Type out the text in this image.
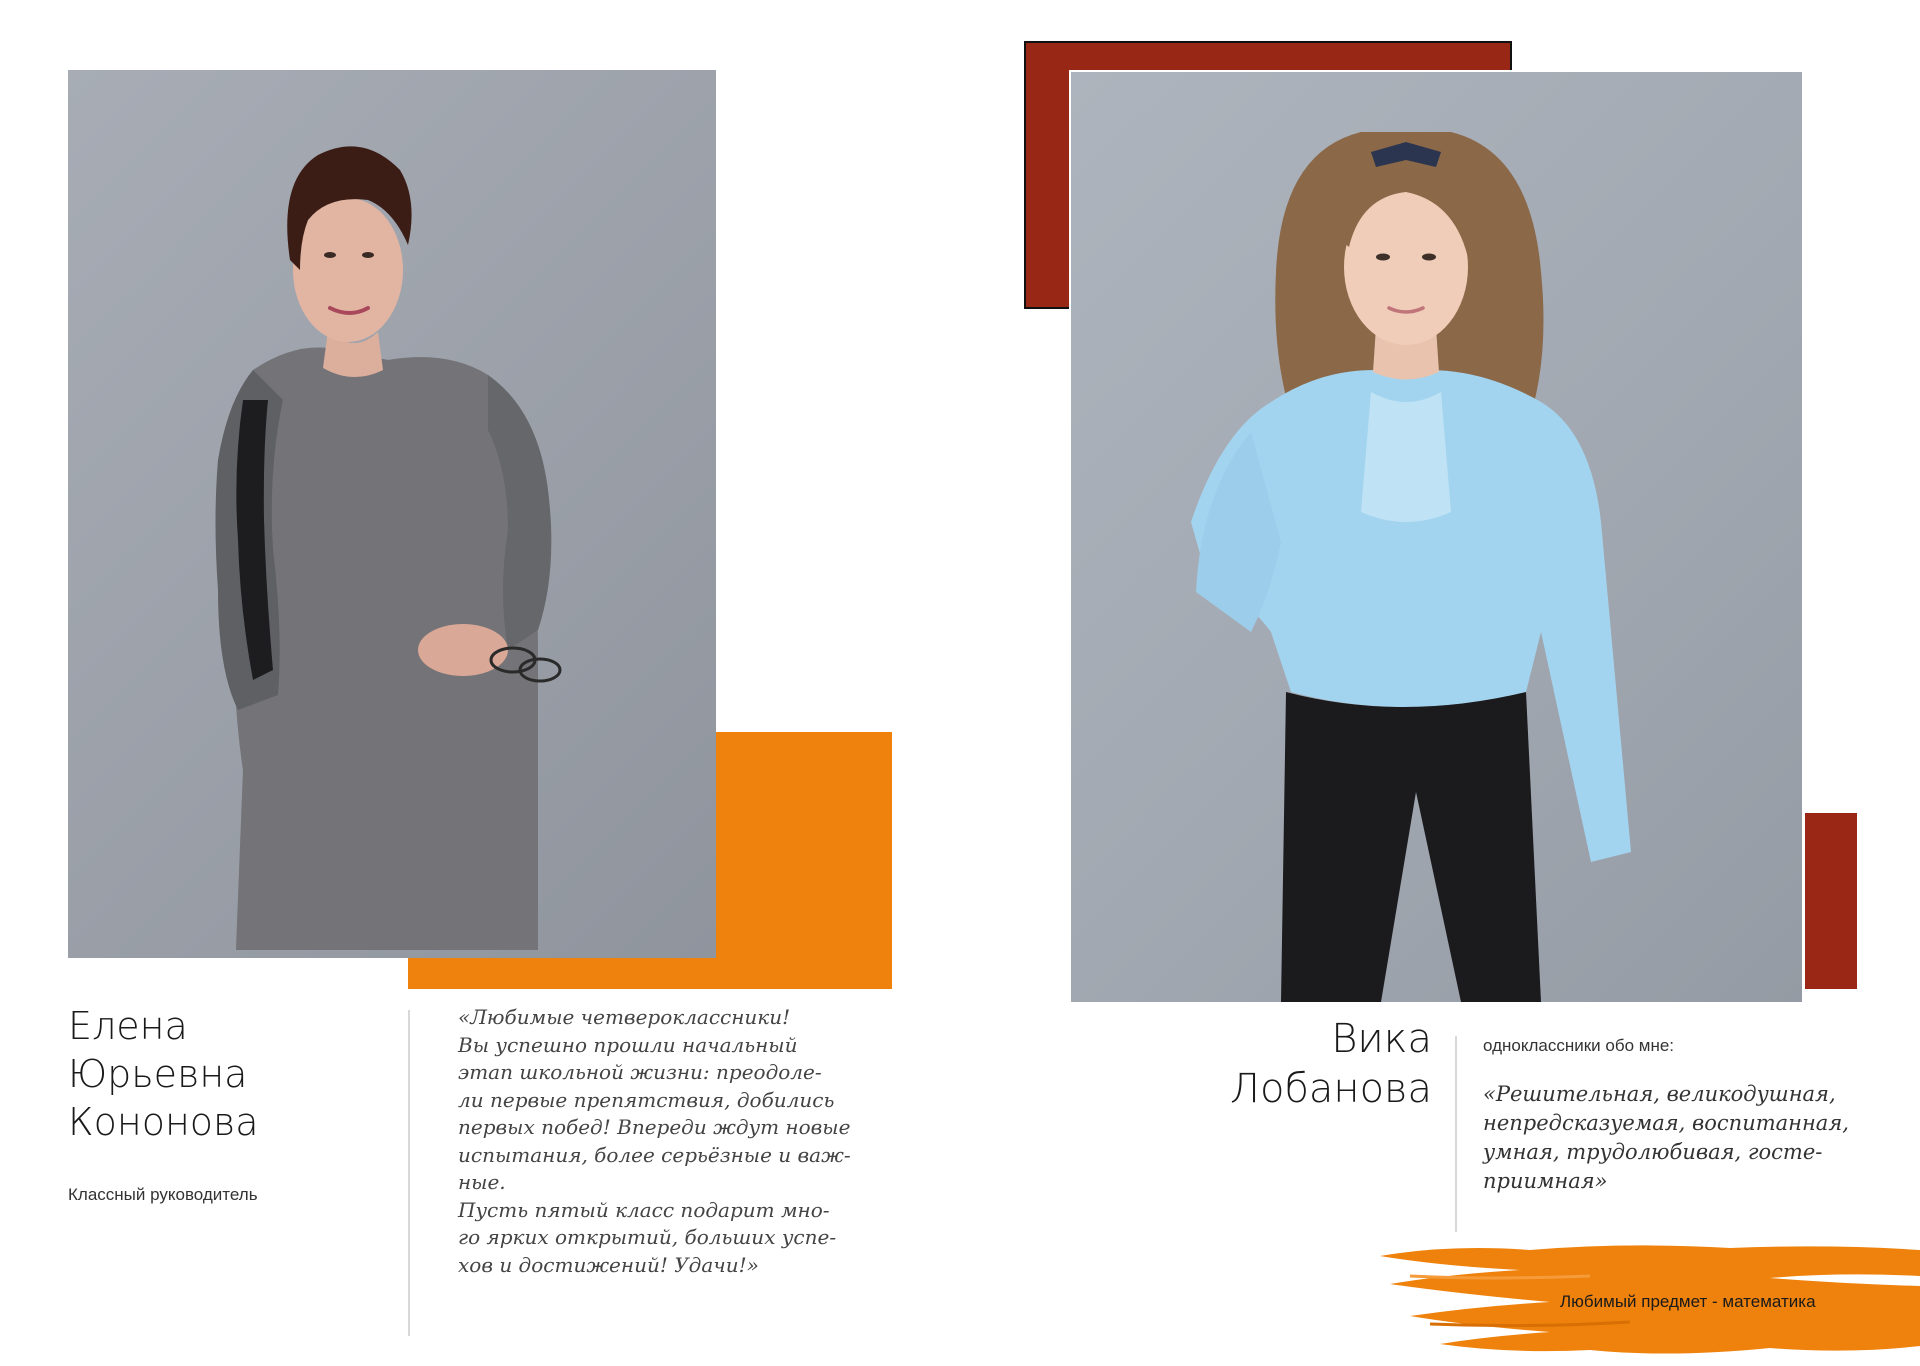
Елена
Юрьевна
Кононова
Классный руководитель
«Любимые четвероклассники!
Вы успешно прошли начальный
этап школьной жизни: преодоле-
ли первые препятствия, добились
первых побед! Впереди ждут новые
испытания, более серьёзные и важ-
ные.
Пусть пятый класс подарит мно-
го ярких открытий, больших успе-
хов и достижений! Удачи!»
Вика
Лобанова
одноклассники обо мне:
«Решительная, великодушная,
непредсказуемая, воспитанная,
умная, трудолюбивая, госте-
приимная»
Любимый предмет - математика
